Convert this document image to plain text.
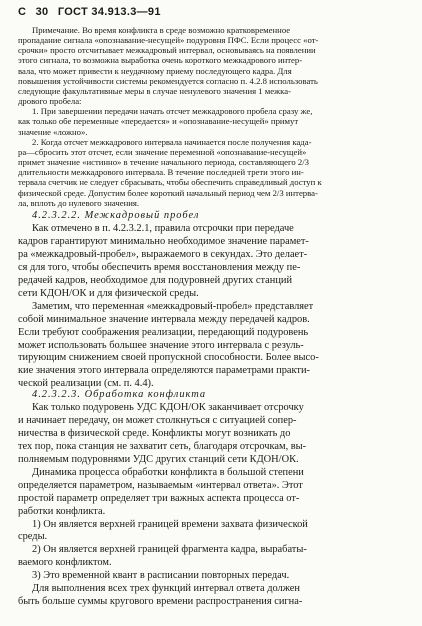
С 30 ГОСТ 34.913.3—91
Примечание. Во время конфликта в среде возможно кратковременное
пропадание сигнала «опознавание-несущей» подуровня ПФС. Если процесс «от-
срочки» просто отсчитывает межкадровый интервал, основываясь на появлении
этого сигнала, то возможна выработка очень короткого межкадрового интер-
вала, что может привести к неудачному приему последующего кадра. Для
повышения устойчивости системы рекомендуется согласно п. 4.2.8 использовать
следующие факультативные меры в случае ненулевого значения 1 межка-
дрового пробела:
1. При завершении передачи начать отсчет межкадрового пробела сразу же,
как только обе переменные «передается» и «опознавание-несущей» примут
значение «ложно».
2. Когда отсчет межкадрового интервала начинается после получения када-
ра—сбросить этот отсчет, если значение переменной «опознавание-несущей»
примет значение «истинно» в течение начального периода, составляющего 2/3
длительности межкадрового интервала. В течение последней трети этого ин-
тервала счетчик не следует сбрасывать, чтобы обеспечить справедливый доступ к
физической среде. Допустим более короткий начальный период чем 2/3 интерва-
ла, вплоть до нулевого значения.
4.2.3.2.2. Межкадровый пробел
Как отмечено в п. 4.2.3.2.1, правила отсрочки при передаче
кадров гарантируют минимально необходимое значение парамет-
ра «межкадровый-пробел», выражаемого в секундах. Это делает-
ся для того, чтобы обеспечить время восстановления между пе-
редачей кадров, необходимое для подуровней других станций
сети КДОН/ОК и для физической среды.
Заметим, что переменная «межкадровый-пробел» представляет
собой минимальное значение интервала между передачей кадров.
Если требуют соображения реализации, передающий подуровень
может использовать большее значение этого интервала с резуль-
тирующим снижением своей пропускной способности. Более высо-
кие значения этого интервала определяются параметрами практи-
ческой реализации (см. п. 4.4).
4.2.3.2.3. Обработка конфликта
Как только подуровень УДС КДОН/ОК заканчивает отсрочку
и начинает передачу, он может столкнуться с ситуацией сопер-
ничества в физической среде. Конфликты могут возникать до
тех пор, пока станция не захватит сеть, благодаря отсрочкам, вы-
полняемым подуровнями УДС других станций сети КДОН/ОК.
Динамика процесса обработки конфликта в большой степени
определяется параметром, называемым «интервал ответа». Этот
простой параметр определяет три важных аспекта процесса от-
работки конфликта.
1) Он является верхней границей времени захвата физической
среды.
2) Он является верхней границей фрагмента кадра, вырабаты-
ваемого конфликтом.
3) Это временной квант в расписании повторных передач.
Для выполнения всех трех функций интервал ответа должен
быть больше суммы кругового времени распространения сигна-
